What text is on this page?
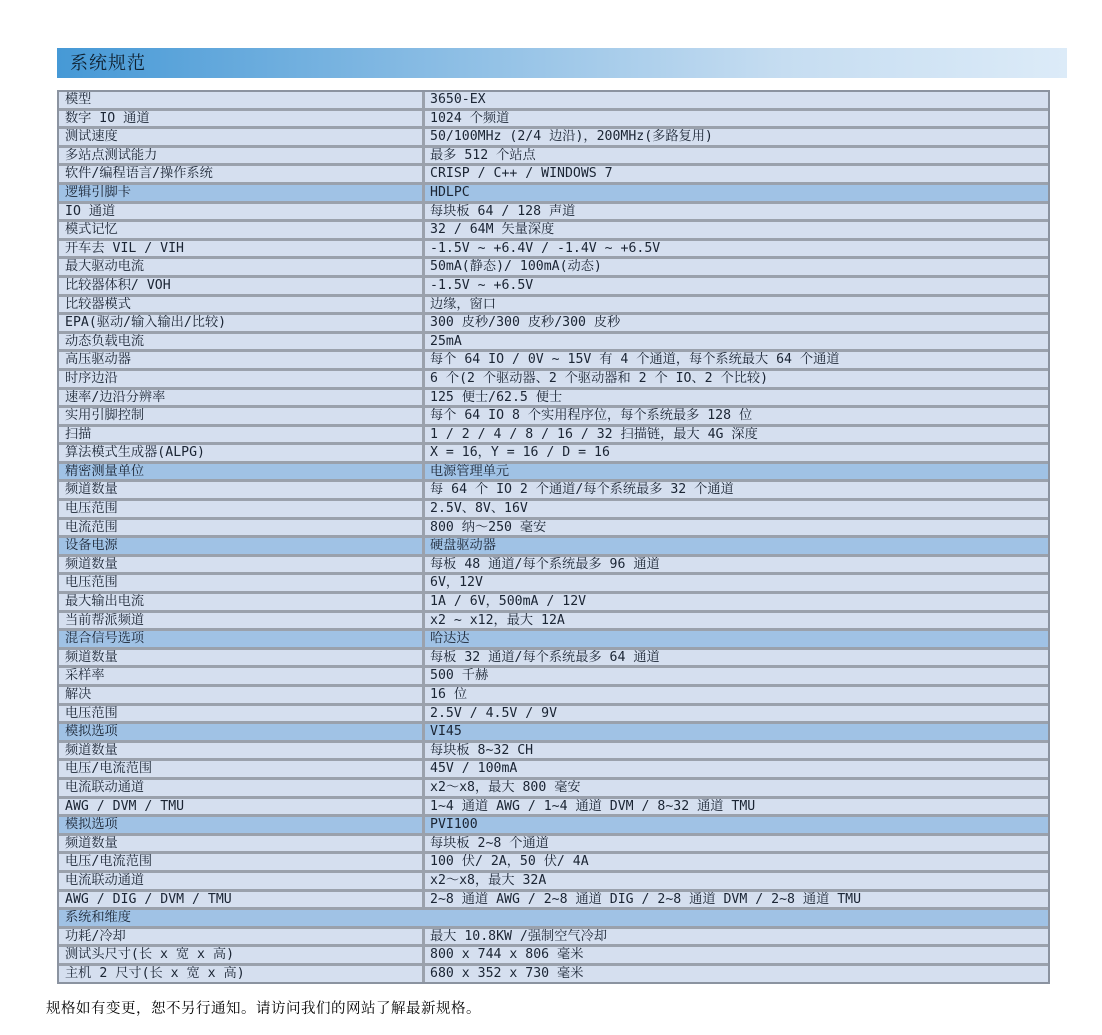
系统规范
模型	3650-EX
数字 IO 通道	1024 个频道
测试速度	50/100MHz (2/4 边沿)，200MHz(多路复用)
多站点测试能力	最多 512 个站点
软件/编程语言/操作系统	CRISP / C++ / WINDOWS 7
逻辑引脚卡	HDLPC
IO 通道	每块板 64 / 128 声道
模式记忆	32 / 64M 矢量深度
开车去 VIL / VIH	-1.5V ~ +6.4V / -1.4V ~ +6.5V
最大驱动电流	50mA(静态)/ 100mA(动态)
比较器体积/ VOH	-1.5V ~ +6.5V
比较器模式	边缘，窗口
EPA(驱动/输入输出/比较)	300 皮秒/300 皮秒/300 皮秒
动态负载电流	25mA
高压驱动器	每个 64 IO / 0V ~ 15V 有 4 个通道，每个系统最大 64 个通道
时序边沿	6 个(2 个驱动器、2 个驱动器和 2 个 IO、2 个比较)
速率/边沿分辨率	125 便士/62.5 便士
实用引脚控制	每个 64 IO 8 个实用程序位，每个系统最多 128 位
扫描	1 / 2 / 4 / 8 / 16 / 32 扫描链，最大 4G 深度
算法模式生成器(ALPG)	X = 16，Y = 16 / D = 16
精密测量单位	电源管理单元
频道数量	每 64 个 IO 2 个通道/每个系统最多 32 个通道
电压范围	2.5V、8V、16V
电流范围	800 纳～250 毫安
设备电源	硬盘驱动器
频道数量	每板 48 通道/每个系统最多 96 通道
电压范围	6V，12V
最大输出电流	1A / 6V，500mA / 12V
当前帮派频道	x2 ~ x12，最大 12A
混合信号选项	哈达达
频道数量	每板 32 通道/每个系统最多 64 通道
采样率	500 千赫
解决	16 位
电压范围	2.5V / 4.5V / 9V
模拟选项	VI45
频道数量	每块板 8~32 CH
电压/电流范围	45V / 100mA
电流联动通道	x2～x8，最大 800 毫安
AWG / DVM / TMU	1~4 通道 AWG / 1~4 通道 DVM / 8~32 通道 TMU
模拟选项	PVI100
频道数量	每块板 2~8 个通道
电压/电流范围	100 伏/ 2A，50 伏/ 4A
电流联动通道	x2～x8，最大 32A
AWG / DIG / DVM / TMU	2~8 通道 AWG / 2~8 通道 DIG / 2~8 通道 DVM / 2~8 通道 TMU
系统和维度
功耗/冷却	最大 10.8KW /强制空气冷却
测试头尺寸(长 x 宽 x 高)	800 x 744 x 806 毫米
主机 2 尺寸(长 x 宽 x 高)	680 x 352 x 730 毫米
规格如有变更，恕不另行通知。请访问我们的网站了解最新规格。
